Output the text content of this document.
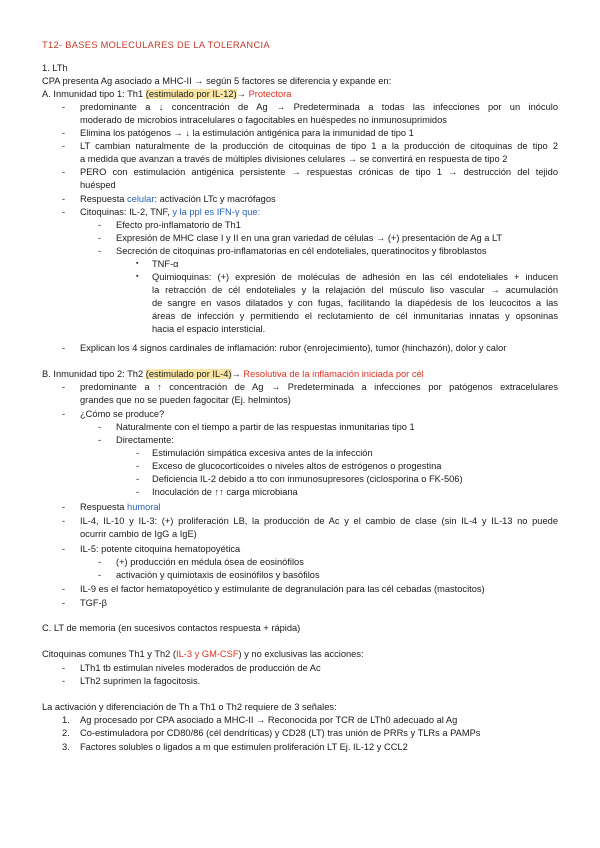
T12- BASES MOLECULARES DE LA TOLERANCIA
1. LTh
CPA presenta Ag asociado a MHC-II → según 5 factores se diferencia y expande en:
A. Inmunidad tipo 1: Th1 (estimulado por IL-12)→ Protectora
- predominante a ↓ concentración de Ag → Predeterminada a todas las infecciones por un inóculo
moderado de microbios intracelulares o fagocitables en huéspedes no inmunosuprimidos
- Elimina los patógenos → ↓ la estimulación antigénica para la inmunidad de tipo 1
- LT cambian naturalmente de la producción de citoquinas de tipo 1 a la producción de citoquinas de tipo 2
a medida que avanzan a través de múltiples divisiones celulares → se convertirá en respuesta de tipo 2
- PERO con estimulación antigénica persistente → respuestas crónicas de tipo 1 → destrucción del tejido
huésped
- Respuesta celular: activación LTc y macrófagos
- Citoquinas: IL-2, TNF, y la ppl es IFN-γ que:
- Efecto pro-inflamatorio de Th1
- Expresión de MHC clase I y II en una gran variedad de células → (+) presentación de Ag a LT
- Secreción de citoquinas pro-inflamatorias en cél endoteliales, queratinocitos y fibroblastos
▪ TNF-α
▪ Quimioquinas: (+) expresión de moléculas de adhesión en las cél endoteliales + inducen
la retracción de cél endoteliales y la relajación del músculo liso vascular → acumulación
de sangre en vasos dilatados y con fugas, facilitando la diapédesis de los leucocitos a las
áreas de infección y permitiendo el reclutamiento de cél inmunitarias innatas y opsoninas
hacia el espacio intersticial.
- Explican los 4 signos cardinales de inflamación: rubor (enrojecimiento), tumor (hinchazón), dolor y calor
B. Inmunidad tipo 2: Th2 (estimulado por IL-4)→ Resolutiva de la inflamación iniciada por cél
- predominante a ↑ concentración de Ag → Predeterminada a infecciones por patógenos extracelulares
grandes que no se pueden fagocitar (Ej. helmintos)
- ¿Cómo se produce?
- Naturalmente con el tiempo a partir de las respuestas inmunitarias tipo 1
- Directamente:
- Estimulación simpática excesiva antes de la infección
- Exceso de glucocorticoides o niveles altos de estrógenos o progestina
- Deficiencia IL-2 debido a tto con inmunosupresores (ciclosporina o FK-506)
- Inoculación de ↑↑ carga microbiana
- Respuesta humoral
- IL-4, IL-10 y IL-3: (+) proliferación LB, la producción de Ac y el cambio de clase (sin IL-4 y IL-13 no puede
ocurrir cambio de IgG a IgE)
- IL-5: potente citoquina hematopoyética
- (+) producción en médula ósea de eosinófilos
- activación y quimiotaxis de eosinófilos y basófilos
- IL-9 es el factor hematopoyético y estimulante de degranulación para las cél cebadas (mastocitos)
- TGF-β
C. LT de memoria (en sucesivos contactos respuesta + rápida)
Citoquinas comunes Th1 y Th2 (IL-3 y GM-CSF) y no exclusivas las acciones:
- LTh1 tb estimulan niveles moderados de producción de Ac
- LTh2 suprimen la fagocitosis.
La activación y diferenciación de Th a Th1 o Th2 requiere de 3 señales:
1. Ag procesado por CPA asociado a MHC-II → Reconocida por TCR de LTh0 adecuado al Ag
2. Co-estimuladora por CD80/86 (cél dendríticas) y CD28 (LT) tras unión de PRRs y TLRs a PAMPs
3. Factores solubles o ligados a m que estimulen proliferación LT Ej. IL-12 y CCL2
